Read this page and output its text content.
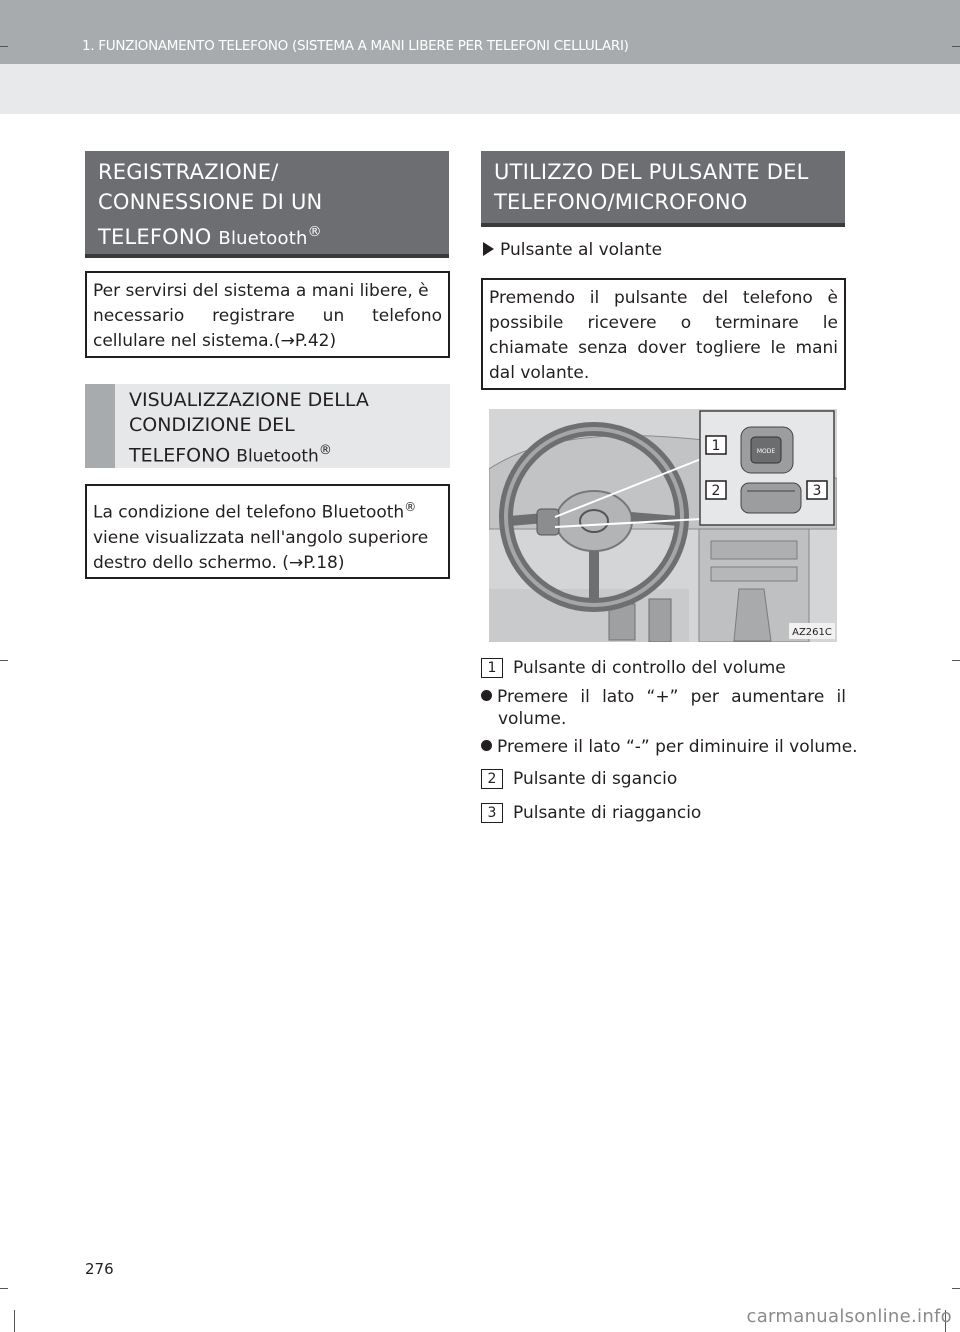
1. FUNZIONAMENTO TELEFONO (SISTEMA A MANI LIBERE PER TELEFONI CELLULARI)
REGISTRAZIONE/
CONNESSIONE DI UN
TELEFONO Bluetooth®
Per servirsi del sistema a mani libere, è
necessario registrare un telefono
cellulare nel sistema.(→P.42)
VISUALIZZAZIONE DELLA
CONDIZIONE DEL
TELEFONO Bluetooth®
La condizione del telefono Bluetooth®
viene visualizzata nell'angolo superiore
destro dello schermo. (→P.18)
UTILIZZO DEL PULSANTE DEL
TELEFONO/MICROFONO
Pulsante al volante
Premendo il pulsante del telefono è
possibile ricevere o terminare le
chiamate senza dover togliere le mani
dal volante.
MODE
1
2	3
AZ261C
1 Pulsante di controllo del volume
Premere il lato “+” per aumentare il
volume.
Premere il lato “-” per diminuire il volume.
2 Pulsante di sgancio
3 Pulsante di riaggancio
276
carmanualsonline.info
